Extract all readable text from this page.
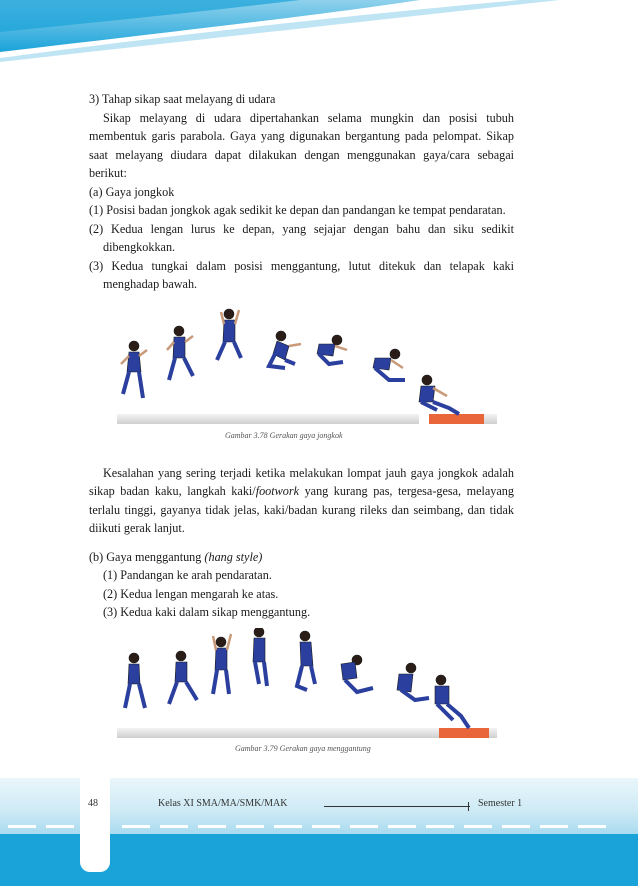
3) Tahap sikap saat melayang di udara

Sikap melayang di udara dipertahankan selama mungkin dan posisi tubuh membentuk garis parabola. Gaya yang digunakan bergantung pada pelompat. Sikap saat melayang diudara dapat dilakukan dengan menggunakan gaya/cara sebagai berikut:

(a) Gaya jongkok

(1) Posisi badan jongkok agak sedikit ke depan dan pandangan ke tempat pendaratan.

(2) Kedua lengan lurus ke depan, yang sejajar dengan bahu dan siku sedikit dibengkokkan.

(3) Kedua tungkai dalam posisi menggantung, lutut ditekuk dan telapak kaki menghadap bawah.

Gambar 3.78 Gerakan gaya jongkok

Kesalahan yang sering terjadi ketika melakukan lompat jauh gaya jongkok adalah sikap badan kaku, langkah kaki/footwork yang kurang pas, tergesa-gesa, melayang terlalu tinggi, gayanya tidak jelas, kaki/badan kurang rileks dan seimbang, dan tidak diikuti gerak lanjut.

(b) Gaya menggantung (hang style)

(1) Pandangan ke arah pendaratan.

(2) Kedua lengan mengarah ke atas.

(3) Kedua kaki dalam sikap menggantung.

Gambar 3.79 Gerakan gaya menggantung
48	Kelas XI SMA/MA/SMK/MAK	Semester 1
